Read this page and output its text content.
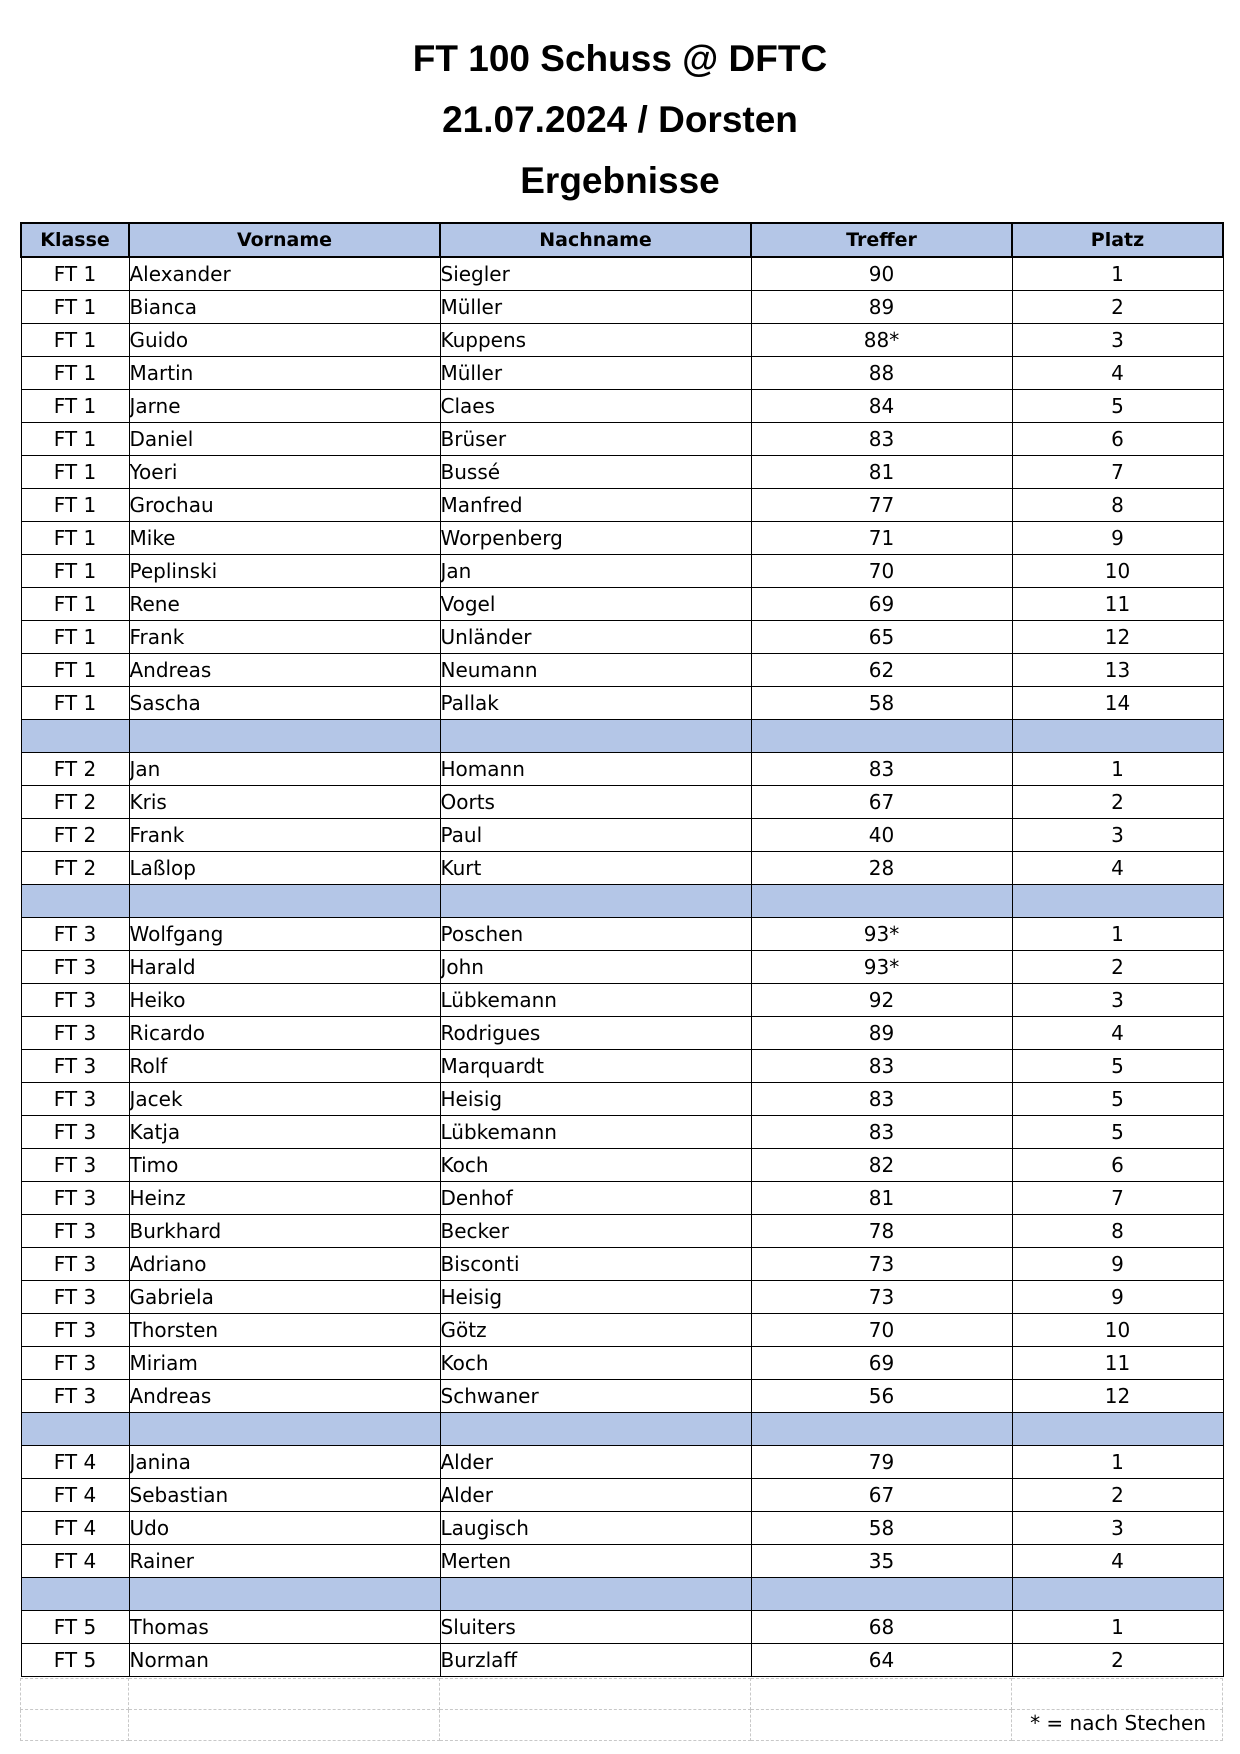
FT 100 Schuss @ DFTC
21.07.2024 / Dorsten
Ergebnisse
Klasse	Vorname	Nachname	Treffer	Platz
FT 1	Alexander	Siegler	90	1
FT 1	Bianca	Müller	89	2
FT 1	Guido	Kuppens	88*	3
FT 1	Martin	Müller	88	4
FT 1	Jarne	Claes	84	5
FT 1	Daniel	Brüser	83	6
FT 1	Yoeri	Bussé	81	7
FT 1	Grochau	Manfred	77	8
FT 1	Mike	Worpenberg	71	9
FT 1	Peplinski	Jan	70	10
FT 1	Rene	Vogel	69	11
FT 1	Frank	Unländer	65	12
FT 1	Andreas	Neumann	62	13
FT 1	Sascha	Pallak	58	14

FT 2	Jan	Homann	83	1
FT 2	Kris	Oorts	67	2
FT 2	Frank	Paul	40	3
FT 2	Laßlop	Kurt	28	4

FT 3	Wolfgang	Poschen	93*	1
FT 3	Harald	John	93*	2
FT 3	Heiko	Lübkemann	92	3
FT 3	Ricardo	Rodrigues	89	4
FT 3	Rolf	Marquardt	83	5
FT 3	Jacek	Heisig	83	5
FT 3	Katja	Lübkemann	83	5
FT 3	Timo	Koch	82	6
FT 3	Heinz	Denhof	81	7
FT 3	Burkhard	Becker	78	8
FT 3	Adriano	Bisconti	73	9
FT 3	Gabriela	Heisig	73	9
FT 3	Thorsten	Götz	70	10
FT 3	Miriam	Koch	69	11
FT 3	Andreas	Schwaner	56	12

FT 4	Janina	Alder	79	1
FT 4	Sebastian	Alder	67	2
FT 4	Udo	Laugisch	58	3
FT 4	Rainer	Merten	35	4

FT 5	Thomas	Sluiters	68	1
FT 5	Norman	Burzlaff	64	2

* = nach Stechen
